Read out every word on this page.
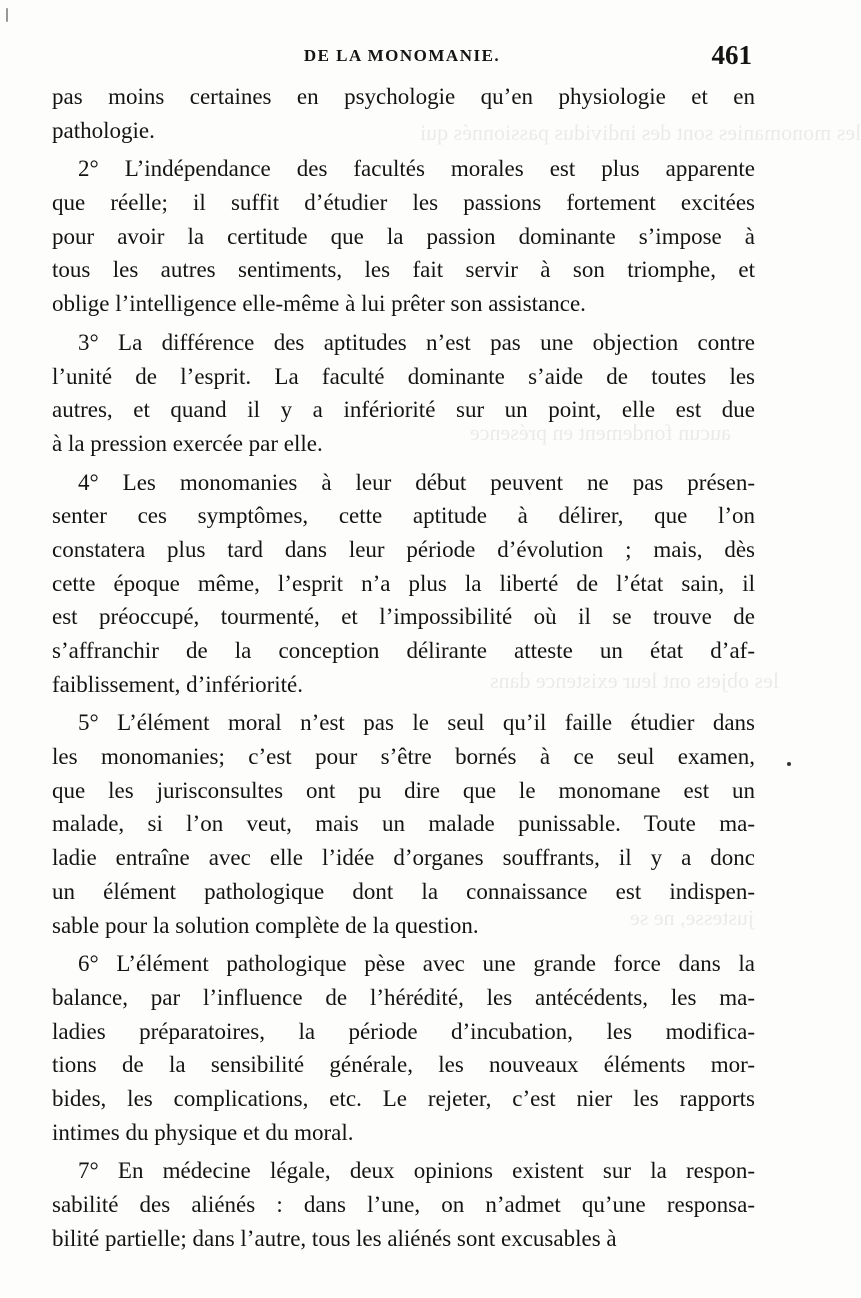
les monomanies sont des individus passionnés qui
aucun fondement en présence
les objets ont leur existence dans
justesse, ne se
DE LA MONOMANIE.	461
pas moins certaines en psychologie qu’en physiologie et en
pathologie.
2° L’indépendance des facultés morales est plus apparente
que réelle; il suffit d’étudier les passions fortement excitées
pour avoir la certitude que la passion dominante s’impose à
tous les autres sentiments, les fait servir à son triomphe, et
oblige l’intelligence elle-même à lui prêter son assistance.
3° La différence des aptitudes n’est pas une objection contre
l’unité de l’esprit. La faculté dominante s’aide de toutes les
autres, et quand il y a infériorité sur un point, elle est due
à la pression exercée par elle.
4° Les monomanies à leur début peuvent ne pas présen-
senter ces symptômes, cette aptitude à délirer, que l’on
constatera plus tard dans leur période d’évolution ; mais, dès
cette époque même, l’esprit n’a plus la liberté de l’état sain, il
est préoccupé, tourmenté, et l’impossibilité où il se trouve de
s’affranchir de la conception délirante atteste un état d’af-
faiblissement, d’infériorité.
5° L’élément moral n’est pas le seul qu’il faille étudier dans
les monomanies; c’est pour s’être bornés à ce seul examen,
que les jurisconsultes ont pu dire que le monomane est un
malade, si l’on veut, mais un malade punissable. Toute ma-
ladie entraîne avec elle l’idée d’organes souffrants, il y a donc
un élément pathologique dont la connaissance est indispen-
sable pour la solution complète de la question.
6° L’élément pathologique pèse avec une grande force dans la
balance, par l’influence de l’hérédité, les antécédents, les ma-
ladies préparatoires, la période d’incubation, les modifica-
tions de la sensibilité générale, les nouveaux éléments mor-
bides, les complications, etc. Le rejeter, c’est nier les rapports
intimes du physique et du moral.
7° En médecine légale, deux opinions existent sur la respon-
sabilité des aliénés : dans l’une, on n’admet qu’une responsa-
bilité partielle; dans l’autre, tous les aliénés sont excusables à
